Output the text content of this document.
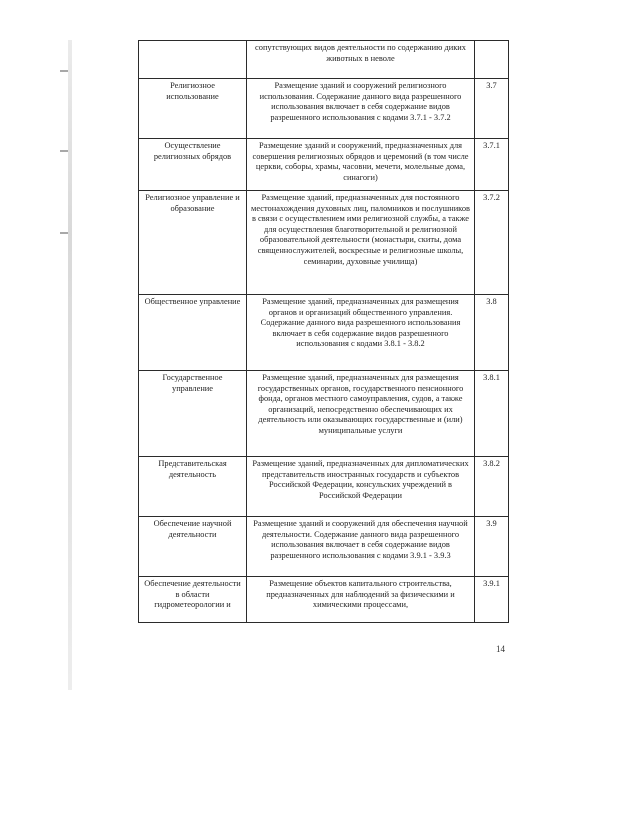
	сопутствующих видов деятельности по содержанию диких животных в неволе	
Религиозное использование	Размещение зданий и сооружений религиозного использования. Содержание данного вида разрешенного использования включает в себя содержание видов разрешенного использования с кодами 3.7.1 - 3.7.2	3.7
Осуществление религиозных обрядов	Размещение зданий и сооружений, предназначенных для совершения религиозных обрядов и церемоний (в том числе церкви, соборы, храмы, часовни, мечети, молельные дома, синагоги)	3.7.1
Религиозное управление и образование	Размещение зданий, предназначенных для постоянного местонахождения духовных лиц, паломников и послушников в связи с осуществлением ими религиозной службы, а также для осуществления благотворительной и религиозной образовательной деятельности (монастыри, скиты, дома священнослужителей, воскресные и религиозные школы, семинарии, духовные училища)	3.7.2
Общественное управление	Размещение зданий, предназначенных для размещения органов и организаций общественного управления. Содержание данного вида разрешенного использования включает в себя содержание видов разрешенного использования с кодами 3.8.1 - 3.8.2	3.8
Государственное управление	Размещение зданий, предназначенных для размещения государственных органов, государственного пенсионного фонда, органов местного самоуправления, судов, а также организаций, непосредственно обеспечивающих их деятельность или оказывающих государственные и (или) муниципальные услуги	3.8.1
Представительская деятельность	Размещение зданий, предназначенных для дипломатических представительств иностранных государств и субъектов Российской Федерации, консульских учреждений в Российской Федерации	3.8.2
Обеспечение научной деятельности	Размещение зданий и сооружений для обеспечения научной деятельности. Содержание данного вида разрешенного использования включает в себя содержание видов разрешенного использования с кодами 3.9.1 - 3.9.3	3.9
Обеспечение деятельности в области гидрометеорологии и	Размещение объектов капитального строительства, предназначенных для наблюдений за физическими и химическими процессами,	3.9.1
14
